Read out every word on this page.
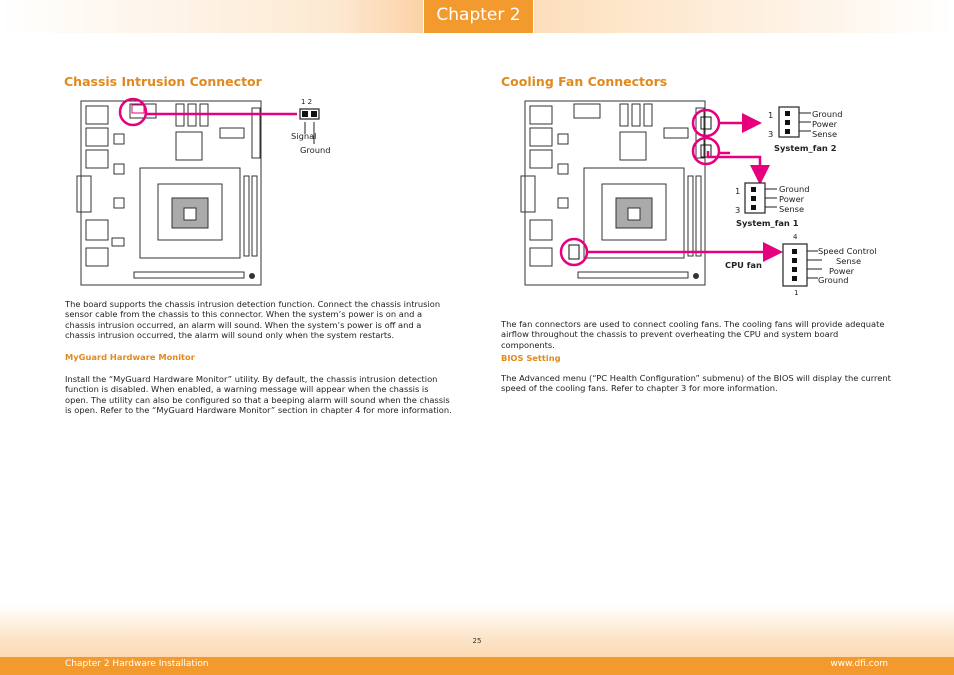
Chapter 2
Chassis Intrusion Connector
1 2
Signal
Ground

The board supports the chassis intrusion detection function. Connect the chassis intrusion sensor cable from the chassis to this connector. When the system’s power is on and a chassis intrusion occurred, an alarm will sound. When the system’s power is off and a chassis intrusion occurred, the alarm will sound only when the system restarts.

MyGuard Hardware Monitor

Install the “MyGuard Hardware Monitor” utility. By default, the chassis intrusion detection function is disabled. When enabled, a warning message will appear when the chassis is open. The utility can also be configured so that a beeping alarm will sound when the chassis is open. Refer to the “MyGuard Hardware Monitor” section in chapter 4 for more information.

Cooling Fan Connectors
1
3
Ground
Power
Sense
System_fan 2
1
3
Ground
Power
Sense
System_fan 1
4
1
Speed Control
Sense
Power
Ground
CPU fan

The fan connectors are used to connect cooling fans. The cooling fans will provide adequate airflow throughout the chassis to prevent overheating the CPU and system board components.

BIOS Setting

The Advanced menu (“PC Health Configuration” submenu) of the BIOS will display the current speed of the cooling fans. Refer to chapter 3 for more information.

25
Chapter 2 Hardware Installation	www.dfi.com
